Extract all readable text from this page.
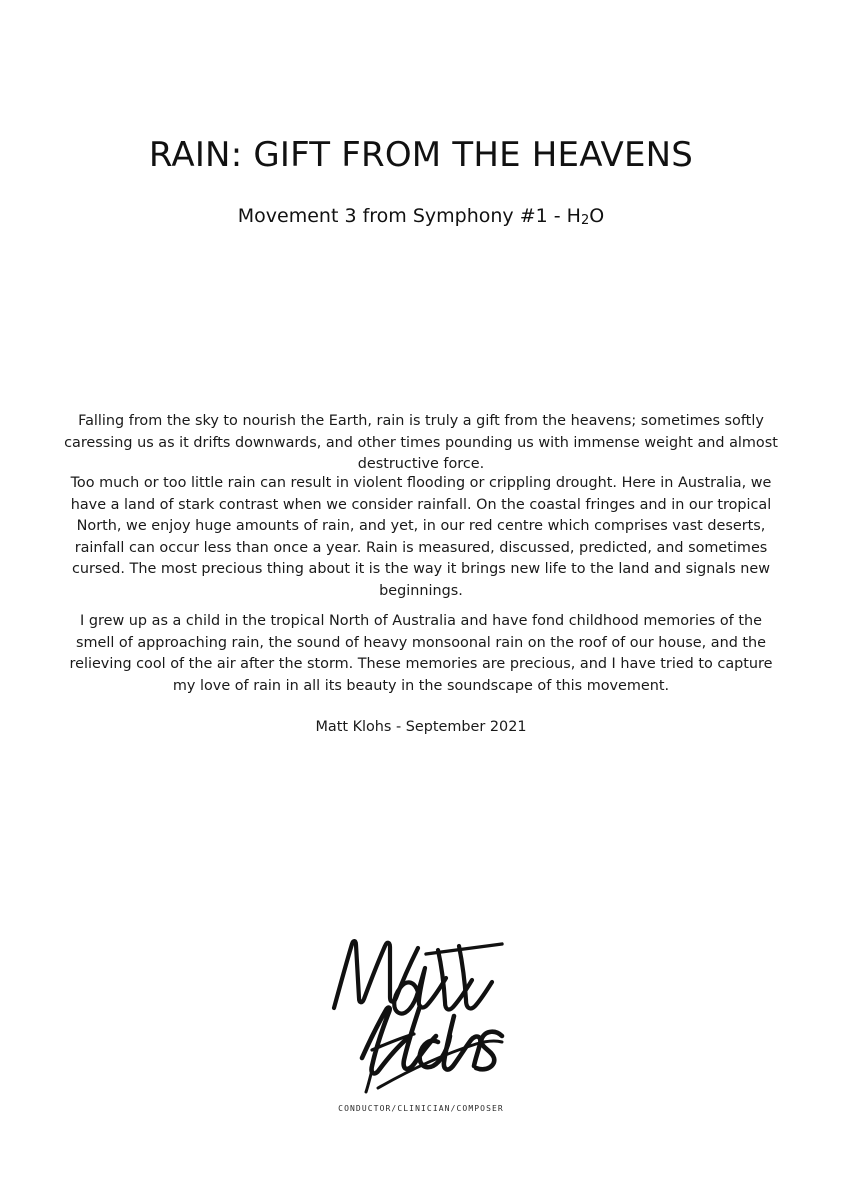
RAIN: GIFT FROM THE HEAVENS
Movement 3 from Symphony #1 - $H_2O$

Falling from the sky to nourish the Earth, rain is truly a gift from the heavens; sometimes softly caressing us as it drifts downwards, and other times pounding us with immense weight and almost destructive force.

Too much or too little rain can result in violent flooding or crippling drought. Here in Australia, we have a land of stark contrast when we consider rainfall. On the coastal fringes and in our tropical North, we enjoy huge amounts of rain, and yet, in our red centre which comprises vast deserts, rainfall can occur less than once a year. Rain is measured, discussed, predicted, and sometimes cursed. The most precious thing about it is the way it brings new life to the land and signals new beginnings.

I grew up as a child in the tropical North of Australia and have fond childhood memories of the smell of approaching rain, the sound of heavy monsoonal rain on the roof of our house, and the relieving cool of the air after the storm. These memories are precious, and I have tried to capture my love of rain in all its beauty in the soundscape of this movement.

Matt Klohs - September 2021
CONDUCTOR/CLINICIAN/COMPOSER
